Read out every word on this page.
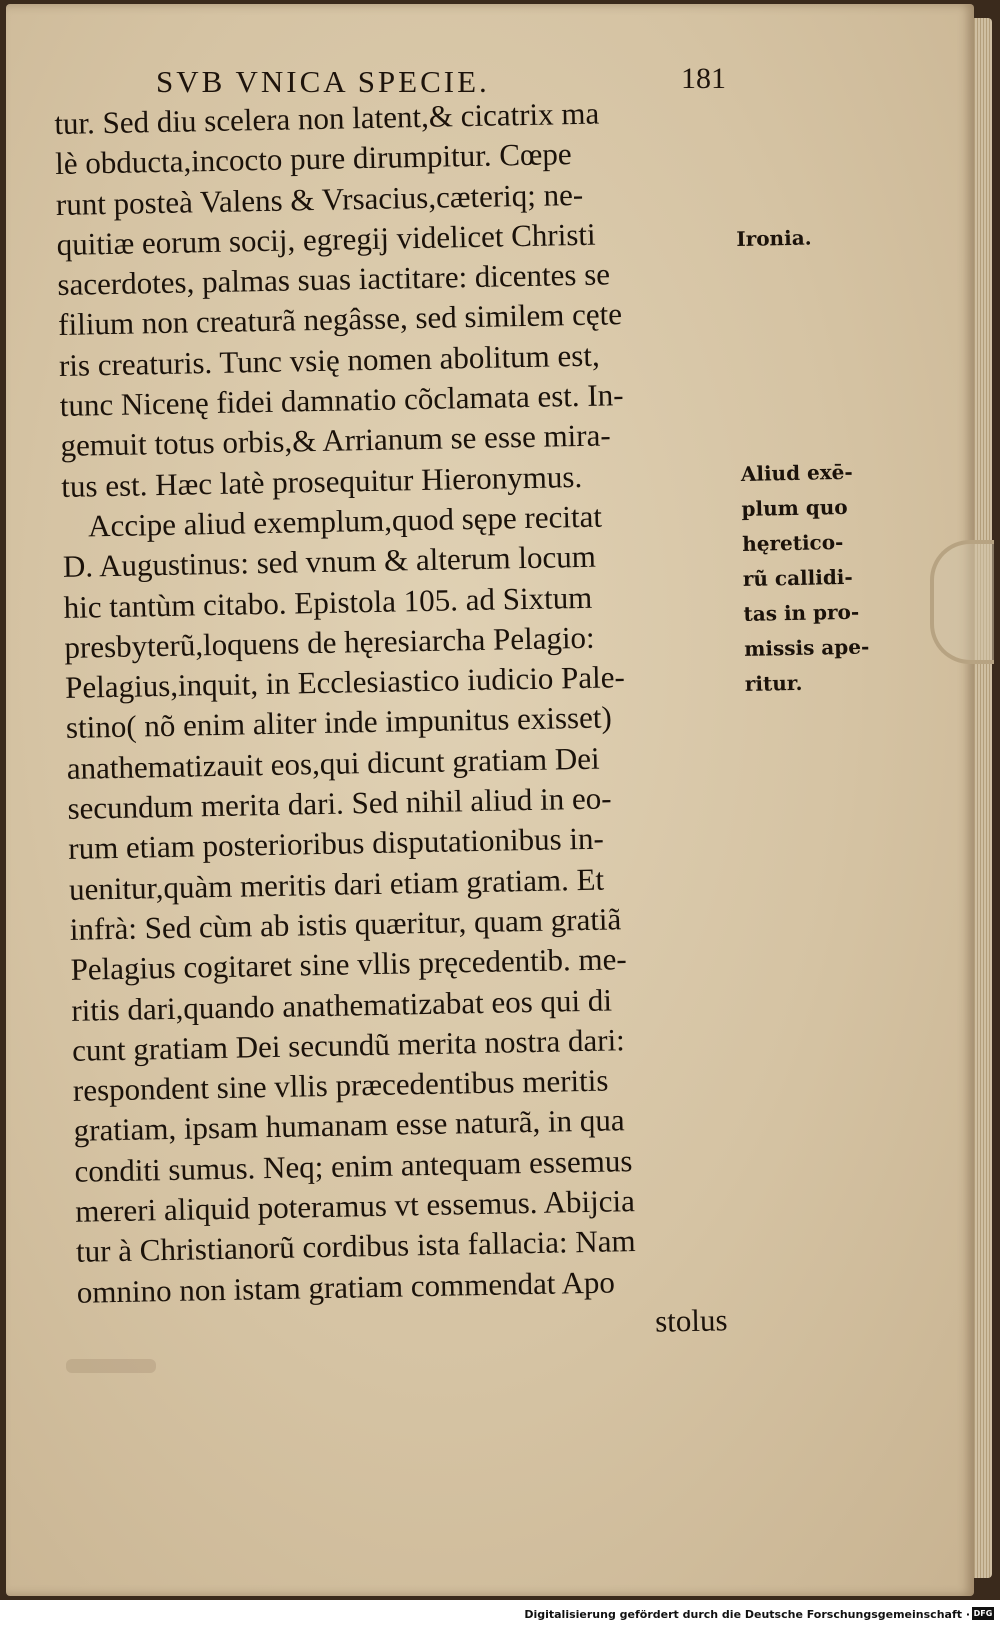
SVB VNICA SPECIE.	181
tur. Sed diu scelera non latent,& cicatrix ma
lè obducta,incocto pure dirumpitur. Cœpe
runt posteà Valens & Vrsacius,cæteriq; ne-
quitiæ eorum socij, egregij videlicet Christi
sacerdotes, palmas suas iactitare: dicentes se
filium non creaturã negâsse, sed similem cęte
ris creaturis. Tunc vsię nomen abolitum est,
tunc Nicenę fidei damnatio cõclamata est. In-
gemuit totus orbis,& Arrianum se esse mira-
tus est. Hæc latè prosequitur Hieronymus.
Accipe aliud exemplum,quod sępe recitat
D. Augustinus: sed vnum & alterum locum
hic tantùm citabo. Epistola 105. ad Sixtum
presbyterũ,loquens de hęresiarcha Pelagio:
Pelagius,inquit, in Ecclesiastico iudicio Pale-
stino( nõ enim aliter inde impunitus exisset)
anathematizauit eos,qui dicunt gratiam Dei
secundum merita dari. Sed nihil aliud in eo-
rum etiam posterioribus disputationibus in-
uenitur,quàm meritis dari etiam gratiam. Et
infrà: Sed cùm ab istis quæritur, quam gratiã
Pelagius cogitaret sine vllis pręcedentib. me-
ritis dari,quando anathematizabat eos qui di
cunt gratiam Dei secundũ merita nostra dari:
respondent sine vllis præcedentibus meritis
gratiam, ipsam humanam esse naturã, in qua
conditi sumus. Neq; enim antequam essemus
mereri aliquid poteramus vt essemus. Abijcia
tur à Christianorũ cordibus ista fallacia: Nam
omnino non istam gratiam commendat Apo
stolus
Ironia.
Aliud exē-
plum quo
hęretico-
rũ callidi-
tas in pro-
missis ape-
ritur.
Digitalisierung gefördert durch die Deutsche Forschungsgemeinschaft · DFG
